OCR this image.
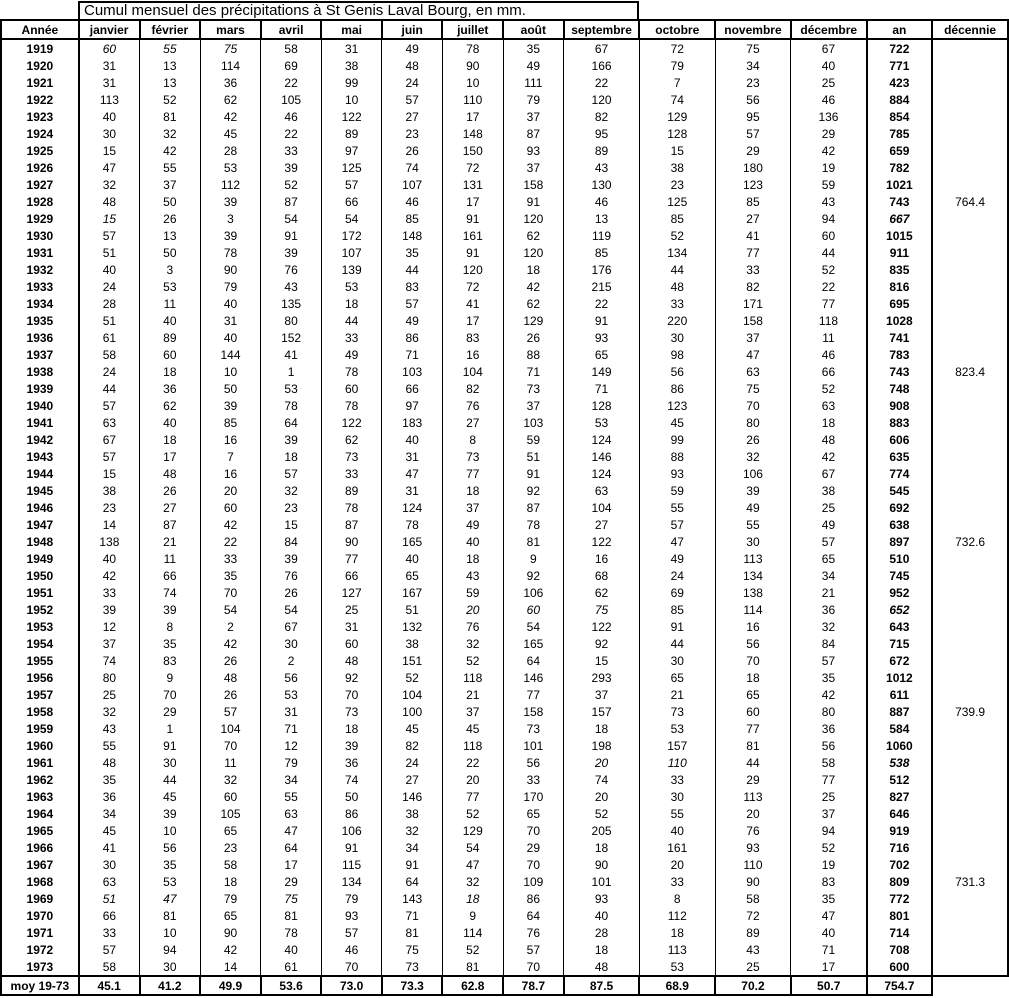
Cumul mensuel des précipitations à St Genis Laval Bourg, en mm.
Année	janvier	février	mars	avril	mai	juin	juillet	août	septembre	octobre	novembre	décembre	an	décennie
1919	60	55	75	58	31	49	78	35	67	72	75	67	722	
1920	31	13	114	69	38	48	90	49	166	79	34	40	771	
1921	31	13	36	22	99	24	10	111	22	7	23	25	423	
1922	113	52	62	105	10	57	110	79	120	74	56	46	884	
1923	40	81	42	46	122	27	17	37	82	129	95	136	854	
1924	30	32	45	22	89	23	148	87	95	128	57	29	785	
1925	15	42	28	33	97	26	150	93	89	15	29	42	659	
1926	47	55	53	39	125	74	72	37	43	38	180	19	782	
1927	32	37	112	52	57	107	131	158	130	23	123	59	1021	
1928	48	50	39	87	66	46	17	91	46	125	85	43	743	764.4
1929	15	26	3	54	54	85	91	120	13	85	27	94	667	
1930	57	13	39	91	172	148	161	62	119	52	41	60	1015	
1931	51	50	78	39	107	35	91	120	85	134	77	44	911	
1932	40	3	90	76	139	44	120	18	176	44	33	52	835	
1933	24	53	79	43	53	83	72	42	215	48	82	22	816	
1934	28	11	40	135	18	57	41	62	22	33	171	77	695	
1935	51	40	31	80	44	49	17	129	91	220	158	118	1028	
1936	61	89	40	152	33	86	83	26	93	30	37	11	741	
1937	58	60	144	41	49	71	16	88	65	98	47	46	783	
1938	24	18	10	1	78	103	104	71	149	56	63	66	743	823.4
1939	44	36	50	53	60	66	82	73	71	86	75	52	748	
1940	57	62	39	78	78	97	76	37	128	123	70	63	908	
1941	63	40	85	64	122	183	27	103	53	45	80	18	883	
1942	67	18	16	39	62	40	8	59	124	99	26	48	606	
1943	57	17	7	18	73	31	73	51	146	88	32	42	635	
1944	15	48	16	57	33	47	77	91	124	93	106	67	774	
1945	38	26	20	32	89	31	18	92	63	59	39	38	545	
1946	23	27	60	23	78	124	37	87	104	55	49	25	692	
1947	14	87	42	15	87	78	49	78	27	57	55	49	638	
1948	138	21	22	84	90	165	40	81	122	47	30	57	897	732.6
1949	40	11	33	39	77	40	18	9	16	49	113	65	510	
1950	42	66	35	76	66	65	43	92	68	24	134	34	745	
1951	33	74	70	26	127	167	59	106	62	69	138	21	952	
1952	39	39	54	54	25	51	20	60	75	85	114	36	652	
1953	12	8	2	67	31	132	76	54	122	91	16	32	643	
1954	37	35	42	30	60	38	32	165	92	44	56	84	715	
1955	74	83	26	2	48	151	52	64	15	30	70	57	672	
1956	80	9	48	56	92	52	118	146	293	65	18	35	1012	
1957	25	70	26	53	70	104	21	77	37	21	65	42	611	
1958	32	29	57	31	73	100	37	158	157	73	60	80	887	739.9
1959	43	1	104	71	18	45	45	73	18	53	77	36	584	
1960	55	91	70	12	39	82	118	101	198	157	81	56	1060	
1961	48	30	11	79	36	24	22	56	20	110	44	58	538	
1962	35	44	32	34	74	27	20	33	74	33	29	77	512	
1963	36	45	60	55	50	146	77	170	20	30	113	25	827	
1964	34	39	105	63	86	38	52	65	52	55	20	37	646	
1965	45	10	65	47	106	32	129	70	205	40	76	94	919	
1966	41	56	23	64	91	34	54	29	18	161	93	52	716	
1967	30	35	58	17	115	91	47	70	90	20	110	19	702	
1968	63	53	18	29	134	64	32	109	101	33	90	83	809	731.3
1969	51	47	79	75	79	143	18	86	93	8	58	35	772	
1970	66	81	65	81	93	71	9	64	40	112	72	47	801	
1971	33	10	90	78	57	81	114	76	28	18	89	40	714	
1972	57	94	42	40	46	75	52	57	18	113	43	71	708	
1973	58	30	14	61	70	73	81	70	48	53	25	17	600	
moy 19-73	45.1	41.2	49.9	53.6	73.0	73.3	62.8	78.7	87.5	68.9	70.2	50.7	754.7	
